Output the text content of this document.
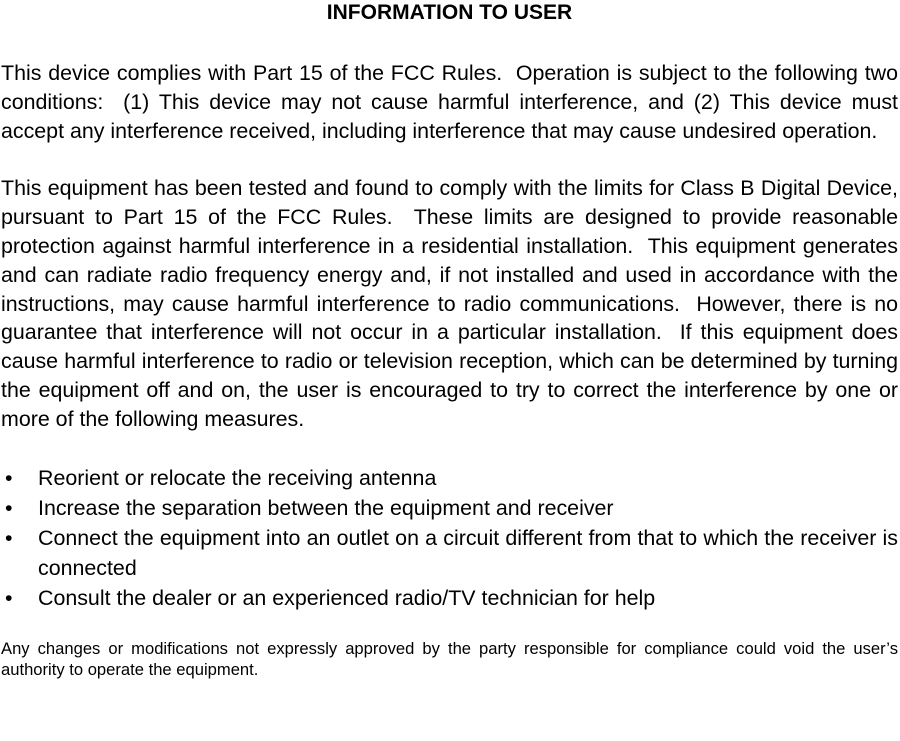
INFORMATION TO USER

This device complies with Part 15 of the FCC Rules.  Operation is subject to the following two conditions:  (1) This device may not cause harmful interference, and (2) This device must accept any interference received, including interference that may cause undesired operation.

This equipment has been tested and found to comply with the limits for Class B Digital Device, pursuant to Part 15 of the FCC Rules.  These limits are designed to provide reasonable protection against harmful interference in a residential installation.  This equipment generates and can radiate radio frequency energy and, if not installed and used in accordance with the instructions, may cause harmful interference to radio communications.  However, there is no guarantee that interference will not occur in a particular installation.  If this equipment does cause harmful interference to radio or television reception, which can be determined by turning the equipment off and on, the user is encouraged to try to correct the interference by one or more of the following measures.

• Reorient or relocate the receiving antenna
• Increase the separation between the equipment and receiver
• Connect the equipment into an outlet on a circuit different from that to which the receiver is connected
• Consult the dealer or an experienced radio/TV technician for help

Any changes or modifications not expressly approved by the party responsible for compliance could void the user’s authority to operate the equipment.
